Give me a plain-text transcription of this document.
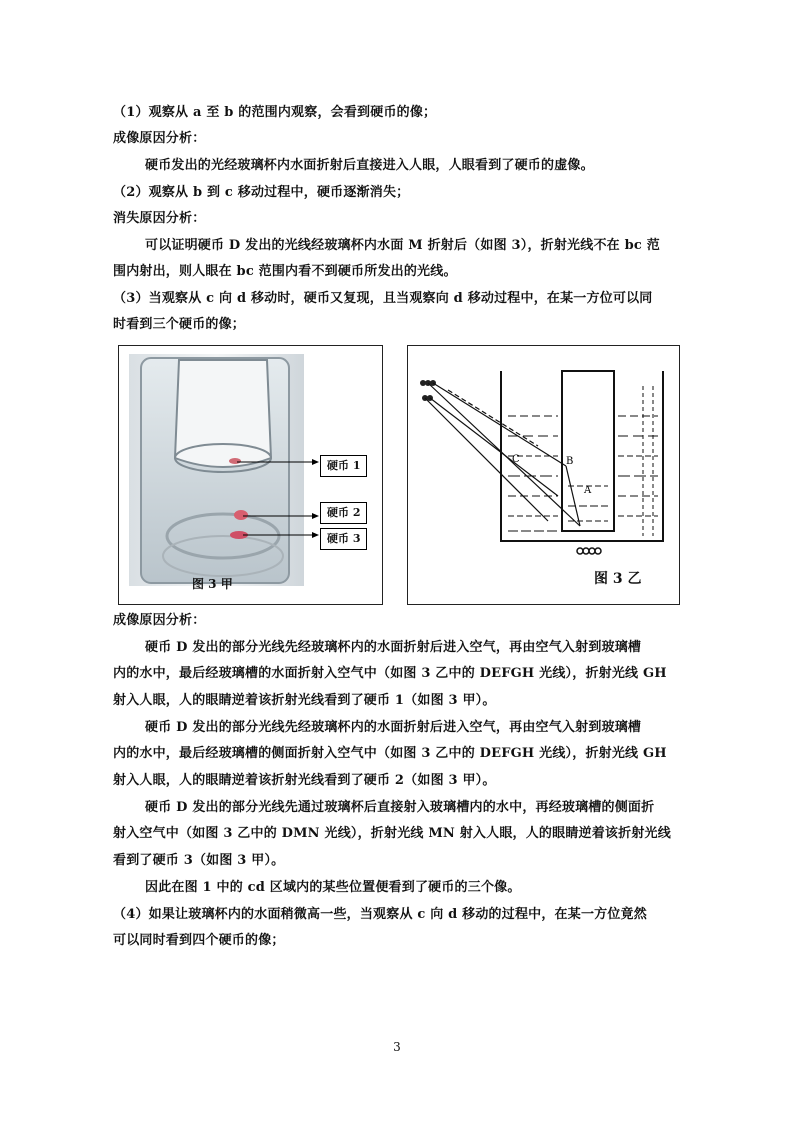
（1）观察从 a 至 b 的范围内观察，会看到硬币的像；
成像原因分析：
硬币发出的光经玻璃杯内水面折射后直接进入人眼，人眼看到了硬币的虚像。
（2）观察从 b 到 c 移动过程中，硬币逐渐消失；
消失原因分析：
可以证明硬币 D 发出的光线经玻璃杯内水面 M 折射后（如图 3），折射光线不在 bc 范
围内射出，则人眼在 bc 范围内看不到硬币所发出的光线。
（3）当观察从 c 向 d 移动时，硬币又复现，且当观察向 d 移动过程中，在某一方位可以同
时看到三个硬币的像；
硬币 1
硬币 2
硬币 3
图 3 甲
A
B
C
图 3 乙
成像原因分析：
硬币 D 发出的部分光线先经玻璃杯内的水面折射后进入空气，再由空气入射到玻璃槽
内的水中，最后经玻璃槽的水面折射入空气中（如图 3 乙中的 DEFGH 光线），折射光线 GH
射入人眼，人的眼睛逆着该折射光线看到了硬币 1（如图 3 甲）。
硬币 D 发出的部分光线先经玻璃杯内的水面折射后进入空气，再由空气入射到玻璃槽
内的水中，最后经玻璃槽的侧面折射入空气中（如图 3 乙中的 DEFGH 光线），折射光线 GH
射入人眼，人的眼睛逆着该折射光线看到了硬币 2（如图 3 甲）。
硬币 D 发出的部分光线先通过玻璃杯后直接射入玻璃槽内的水中，再经玻璃槽的侧面折
射入空气中（如图 3 乙中的 DMN 光线），折射光线 MN 射入人眼，人的眼睛逆着该折射光线
看到了硬币 3（如图 3 甲）。
因此在图 1 中的 cd 区域内的某些位置便看到了硬币的三个像。
（4）如果让玻璃杯内的水面稍微高一些，当观察从 c 向 d 移动的过程中，在某一方位竟然
可以同时看到四个硬币的像；
3
